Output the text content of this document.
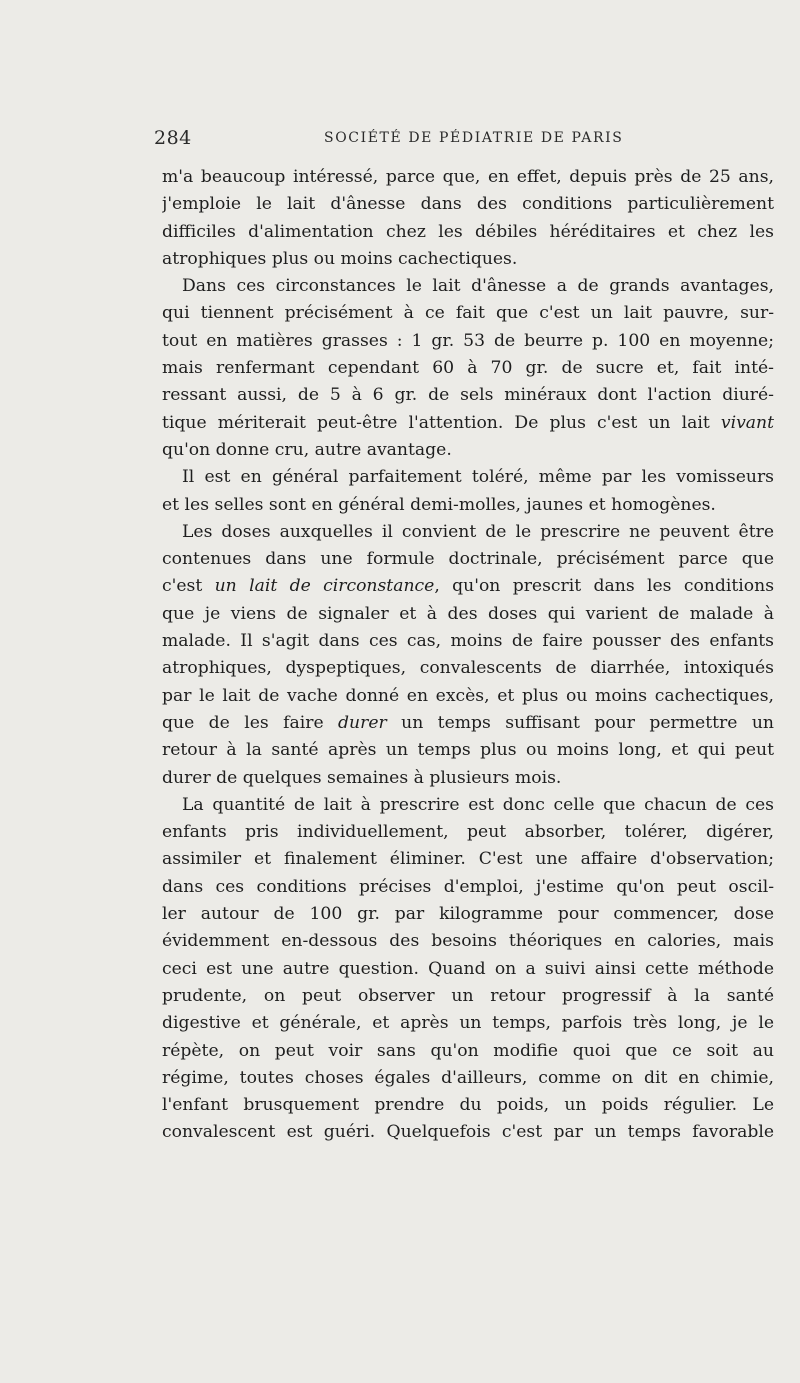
284	SOCIÉTÉ DE PÉDIATRIE DE PARIS
m'a beaucoup intéressé, parce que, en effet, depuis près de 25 ans,
j'emploie le lait d'ânesse dans des conditions particulièrement
difficiles d'alimentation chez les débiles héréditaires et chez les
atrophiques plus ou moins cachectiques.
Dans ces circonstances le lait d'ânesse a de grands avantages,
qui tiennent précisément à ce fait que c'est un lait pauvre, sur-
tout en matières grasses : 1 gr. 53 de beurre p. 100 en moyenne;
mais renfermant cependant 60 à 70 gr. de sucre et, fait inté-
ressant aussi, de 5 à 6 gr. de sels minéraux dont l'action diuré-
tique mériterait peut-être l'attention. De plus c'est un lait vivant
qu'on donne cru, autre avantage.
Il est en général parfaitement toléré, même par les vomisseurs
et les selles sont en général demi-molles, jaunes et homogènes.
Les doses auxquelles il convient de le prescrire ne peuvent être
contenues dans une formule doctrinale, précisément parce que
c'est un lait de circonstance, qu'on prescrit dans les conditions
que je viens de signaler et à des doses qui varient de malade à
malade. Il s'agit dans ces cas, moins de faire pousser des enfants
atrophiques, dyspeptiques, convalescents de diarrhée, intoxiqués
par le lait de vache donné en excès, et plus ou moins cachectiques,
que de les faire durer un temps suffisant pour permettre un
retour à la santé après un temps plus ou moins long, et qui peut
durer de quelques semaines à plusieurs mois.
La quantité de lait à prescrire est donc celle que chacun de ces
enfants pris individuellement, peut absorber, tolérer, digérer,
assimiler et finalement éliminer. C'est une affaire d'observation;
dans ces conditions précises d'emploi, j'estime qu'on peut oscil-
ler autour de 100 gr. par kilogramme pour commencer, dose
évidemment en-dessous des besoins théoriques en calories, mais
ceci est une autre question. Quand on a suivi ainsi cette méthode
prudente, on peut observer un retour progressif à la santé
digestive et générale, et après un temps, parfois très long, je le
répète, on peut voir sans qu'on modifie quoi que ce soit au
régime, toutes choses égales d'ailleurs, comme on dit en chimie,
l'enfant brusquement prendre du poids, un poids régulier. Le
convalescent est guéri. Quelquefois c'est par un temps favorable
